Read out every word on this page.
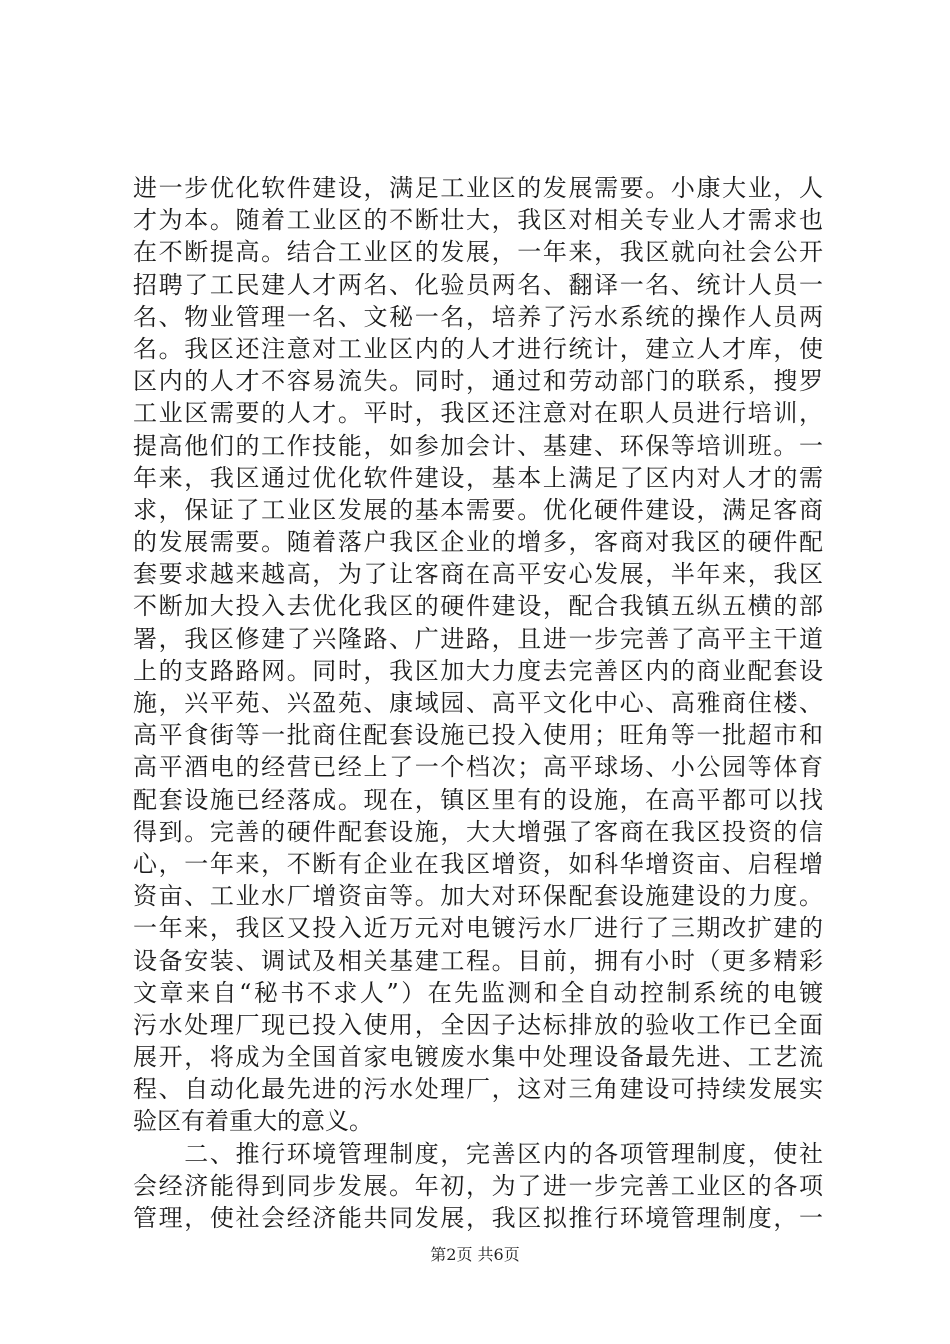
进一步优化软件建设，满足工业区的发展需要。小康大业，人
才为本。随着工业区的不断壮大，我区对相关专业人才需求也
在不断提高。结合工业区的发展，一年来，我区就向社会公开
招聘了工民建人才两名、化验员两名、翻译一名、统计人员一
名、物业管理一名、文秘一名，培养了污水系统的操作人员两
名。我区还注意对工业区内的人才进行统计，建立人才库，使
区内的人才不容易流失。同时，通过和劳动部门的联系，搜罗
工业区需要的人才。平时，我区还注意对在职人员进行培训，
提高他们的工作技能，如参加会计、基建、环保等培训班。一
年来，我区通过优化软件建设，基本上满足了区内对人才的需
求，保证了工业区发展的基本需要。优化硬件建设，满足客商
的发展需要。随着落户我区企业的增多，客商对我区的硬件配
套要求越来越高，为了让客商在高平安心发展，半年来，我区
不断加大投入去优化我区的硬件建设，配合我镇五纵五横的部
署，我区修建了兴隆路、广进路，且进一步完善了高平主干道
上的支路路网。同时，我区加大力度去完善区内的商业配套设
施，兴平苑、兴盈苑、康域园、高平文化中心、高雅商住楼、
高平食街等一批商住配套设施已投入使用；旺角等一批超市和
高平酒电的经营已经上了一个档次；高平球场、小公园等体育
配套设施已经落成。现在，镇区里有的设施，在高平都可以找
得到。完善的硬件配套设施，大大增强了客商在我区投资的信
心，一年来，不断有企业在我区增资，如科华增资亩、启程增
资亩、工业水厂增资亩等。加大对环保配套设施建设的力度。
一年来，我区又投入近万元对电镀污水厂进行了三期改扩建的
设备安装、调试及相关基建工程。目前，拥有小时（更多精彩
文章来自“秘书不求人”）在先监测和全自动控制系统的电镀
污水处理厂现已投入使用，全因子达标排放的验收工作已全面
展开，将成为全国首家电镀废水集中处理设备最先进、工艺流
程、自动化最先进的污水处理厂，这对三角建设可持续发展实
验区有着重大的意义。
　　二、推行环境管理制度，完善区内的各项管理制度，使社
会经济能得到同步发展。年初，为了进一步完善工业区的各项
管理，使社会经济能共同发展，我区拟推行环境管理制度，一
第2页 共6页
